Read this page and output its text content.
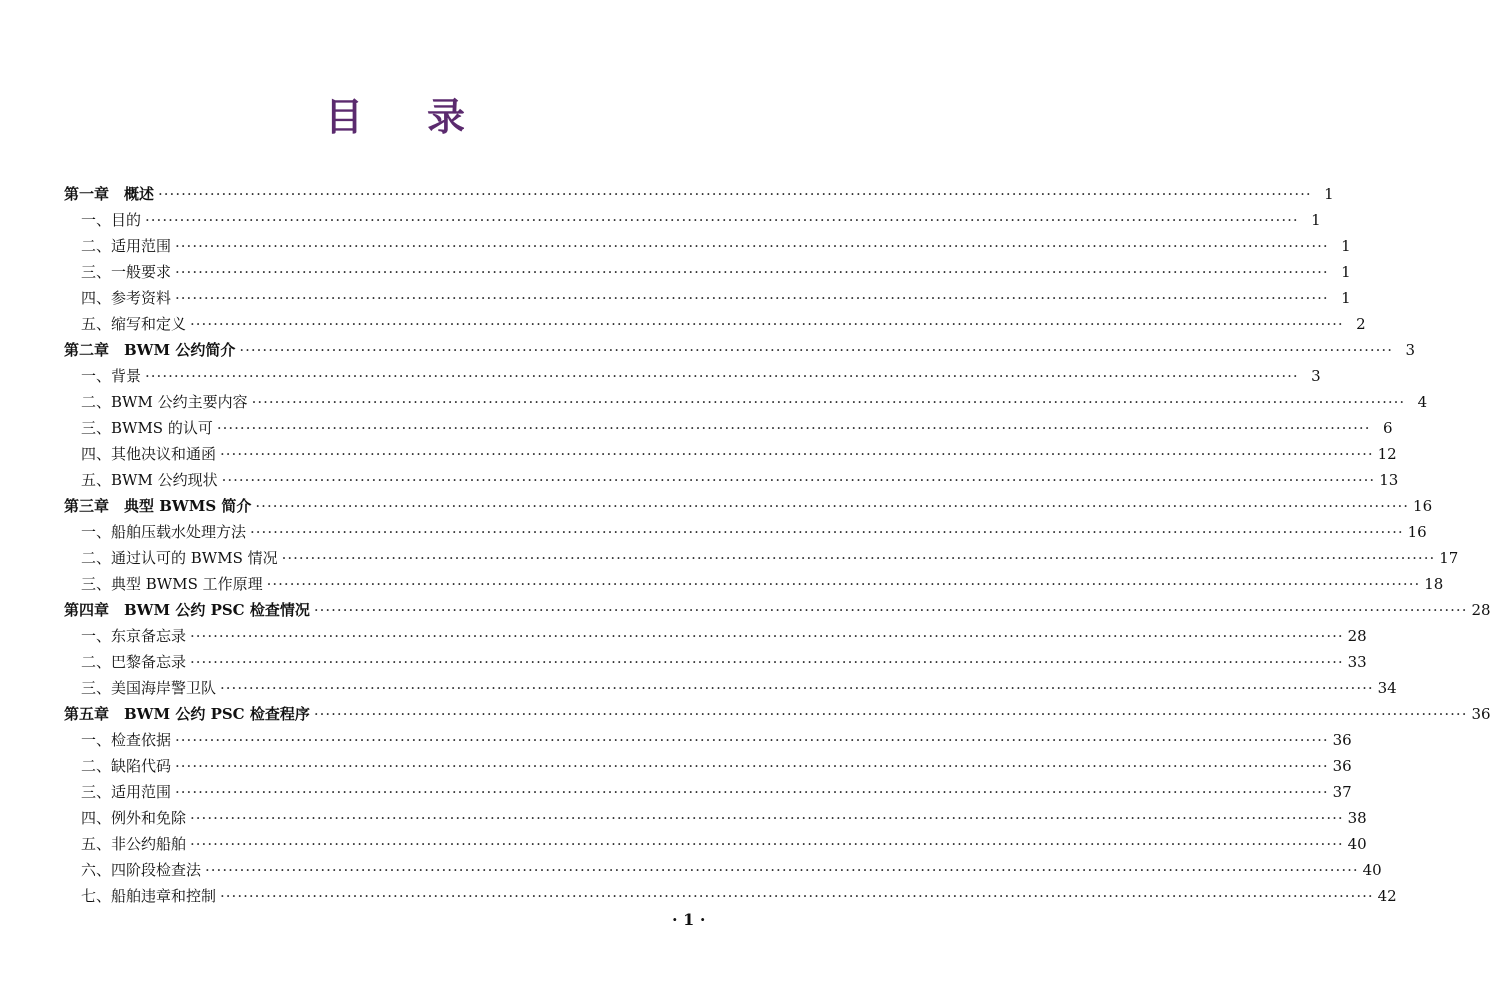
目 录
第一章　概述 ········································································································································································································ 1
一、目的 ········································································································································································································ 1
二、适用范围 ········································································································································································································ 1
三、一般要求 ········································································································································································································ 1
四、参考资料 ········································································································································································································ 1
五、缩写和定义 ········································································································································································································ 2
第二章　BWM 公约简介 ········································································································································································································ 3
一、背景 ········································································································································································································ 3
二、BWM 公约主要内容 ········································································································································································································ 4
三、BWMS 的认可 ········································································································································································································ 6
四、其他决议和通函 ········································································································································································································ 12
五、BWM 公约现状 ········································································································································································································ 13
第三章　典型 BWMS 简介 ········································································································································································································ 16
一、船舶压载水处理方法 ········································································································································································································ 16
二、通过认可的 BWMS 情况 ········································································································································································································ 17
三、典型 BWMS 工作原理 ········································································································································································································ 18
第四章　BWM 公约 PSC 检查情况 ········································································································································································································ 28
一、东京备忘录 ········································································································································································································ 28
二、巴黎备忘录 ········································································································································································································ 33
三、美国海岸警卫队 ········································································································································································································ 34
第五章　BWM 公约 PSC 检查程序 ········································································································································································································ 36
一、检查依据 ········································································································································································································ 36
二、缺陷代码 ········································································································································································································ 36
三、适用范围 ········································································································································································································ 37
四、例外和免除 ········································································································································································································ 38
五、非公约船舶 ········································································································································································································ 40
六、四阶段检查法 ········································································································································································································ 40
七、船舶违章和控制 ········································································································································································································ 42
· 1 ·
